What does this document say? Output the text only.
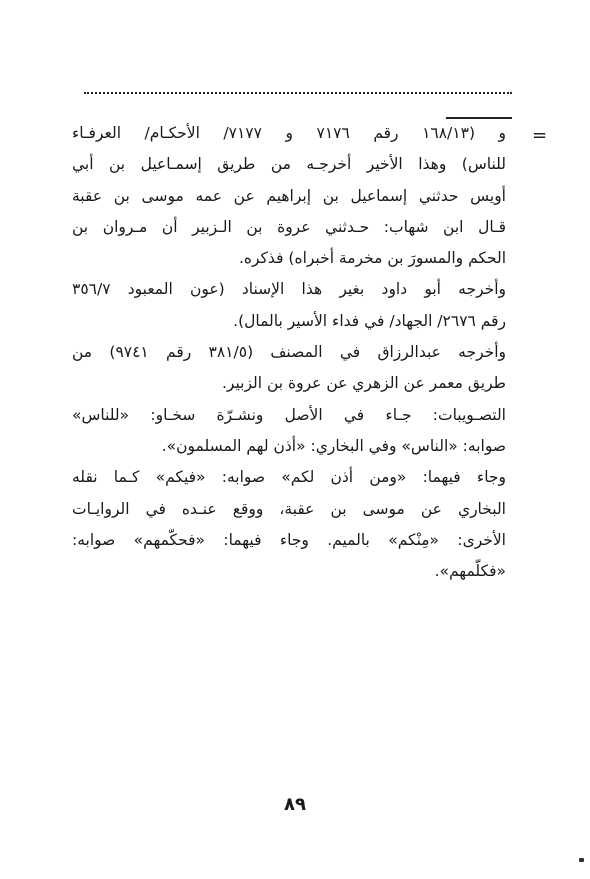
=
و (١٦٨/١٣ رقم ٧١٧٦ و ٧١٧٧/ الأحكـام/ العرفـاء
للناس) وهذا الأخير أخرجـه من طريق إسمـاعيل بن أبي
أويس حدثني إسماعيل بن إبراهيم عن عمه موسى بن عقبة
قـال ابن شهاب: حـدثني عروة بن الـزبير أن مـروان بن
الحكم والمسورَ بن مخرمة أخبراه) فذكره.
وأخرجه أبو داود بغير هذا الإسناد (عون المعبود ٣٥٦/٧
رقم ٢٦٧٦/ الجهاد/ في فداء الأسير بالمال).
وأخرجه عبدالرزاق في المصنف (٣٨١/٥ رقم ٩٧٤١) من
طريق معمر عن الزهري عن عروة بن الزبير.
التصـويبات: جـاء في الأصل ونشـرّة سخـاو: «للناس»
صوابه: «الناس» وفي البخاري: «أذن لهم المسلمون».
وجاء فيهما: «ومن أذن لكم» صوابه: «فيكم» كـما نقله
البخاري عن موسى بن عقبة، ووقع عنـده في الروايـات
الأخرى: «مِنْكم» بالميم. وجاء فيهما: «فحكّمهم» صوابه:
«فكلّمهم».
٨٩
